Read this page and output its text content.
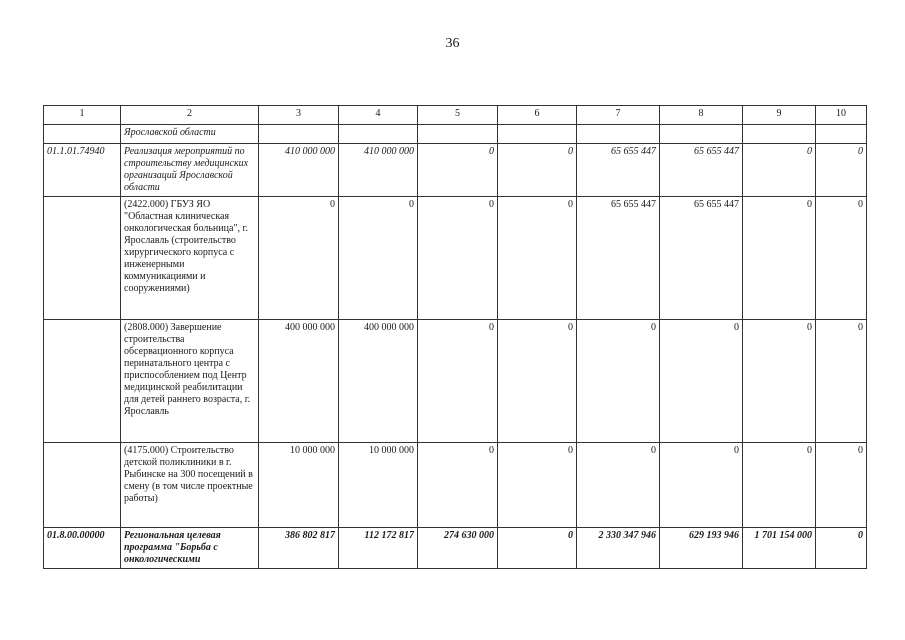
36
1	2	3	4	5	6	7	8	9	10
	Ярославской области								
01.1.01.74940	Реализация мероприятий по строительству медицинских организаций Ярославской области	410 000 000	410 000 000	0	0	65 655 447	65 655 447	0	0
	(2422.000) ГБУЗ ЯО "Областная клиническая онкологическая больница", г. Ярославль (строительство хирургического корпуса с инженерными коммуникациями и сооружениями)	0	0	0	0	65 655 447	65 655 447	0	0
	(2808.000) Завершение строительства обсервационного корпуса перинатального центра с приспособлением под Центр медицинской реабилитации для детей раннего возраста, г. Ярославль	400 000 000	400 000 000	0	0	0	0	0	0
	(4175.000) Строительство детской поликлиники в г. Рыбинске на 300 посещений в смену (в том числе проектные работы)	10 000 000	10 000 000	0	0	0	0	0	0
01.8.00.00000	Региональная целевая программа "Борьба с онкологическими	386 802 817	112 172 817	274 630 000	0	2 330 347 946	629 193 946	1 701 154 000	0
